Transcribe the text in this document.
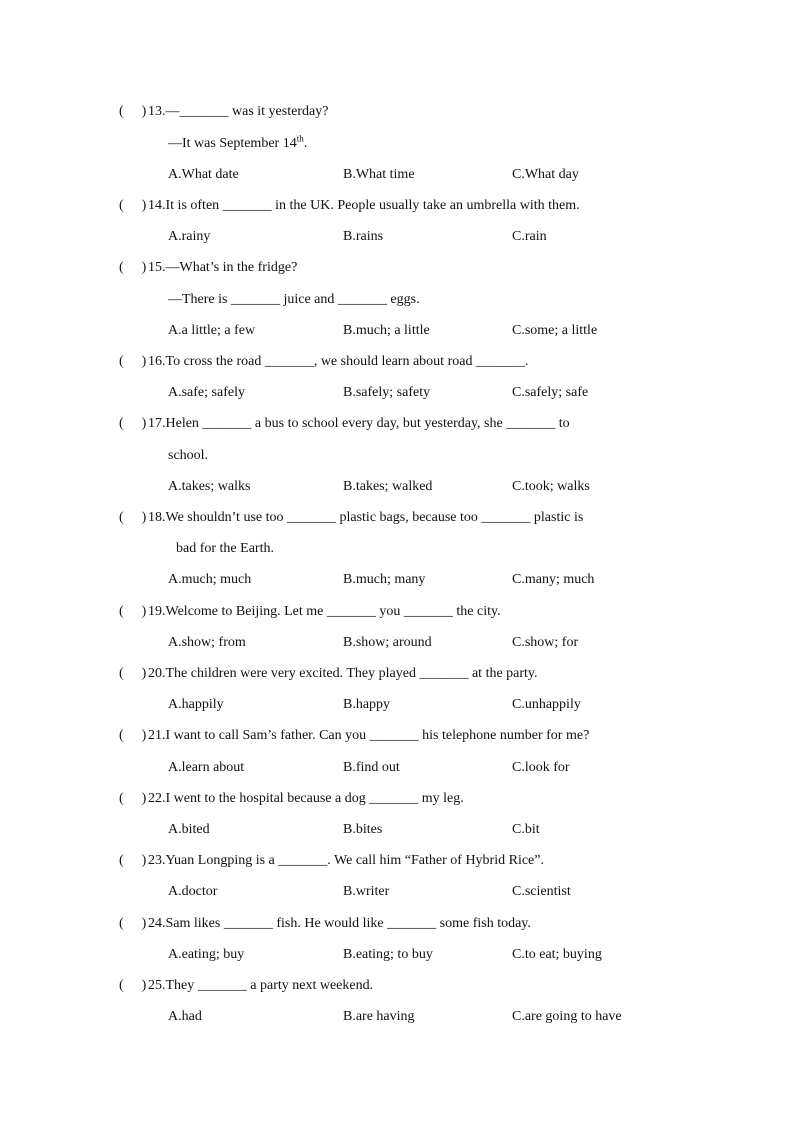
( ) 13.—_______ was it yesterday?
—It was September 14th.
A.What date	B.What time	C.What day
( ) 14.It is often _______ in the UK. People usually take an umbrella with them.
A.rainy	B.rains	C.rain
( ) 15.—What’s in the fridge?
—There is _______ juice and _______ eggs.
A.a little; a few	B.much; a little	C.some; a little
( ) 16.To cross the road _______, we should learn about road _______.
A.safe; safely	B.safely; safety	C.safely; safe
( ) 17.Helen _______ a bus to school every day, but yesterday, she _______ to
school.
A.takes; walks	B.takes; walked	C.took; walks
( ) 18.We shouldn’t use too _______ plastic bags, because too _______ plastic is
bad for the Earth.
A.much; much	B.much; many	C.many; much
( ) 19.Welcome to Beijing. Let me _______ you _______ the city.
A.show; from	B.show; around	C.show; for
( ) 20.The children were very excited. They played _______ at the party.
A.happily	B.happy	C.unhappily
( ) 21.I want to call Sam’s father. Can you _______ his telephone number for me?
A.learn about	B.find out	C.look for
( ) 22.I went to the hospital because a dog _______ my leg.
A.bited	B.bites	C.bit
( ) 23.Yuan Longping is a _______. We call him “Father of Hybrid Rice”.
A.doctor	B.writer	C.scientist
( ) 24.Sam likes _______ fish. He would like _______ some fish today.
A.eating; buy	B.eating; to buy	C.to eat; buying
( ) 25.They _______ a party next weekend.
A.had	B.are having	C.are going to have
